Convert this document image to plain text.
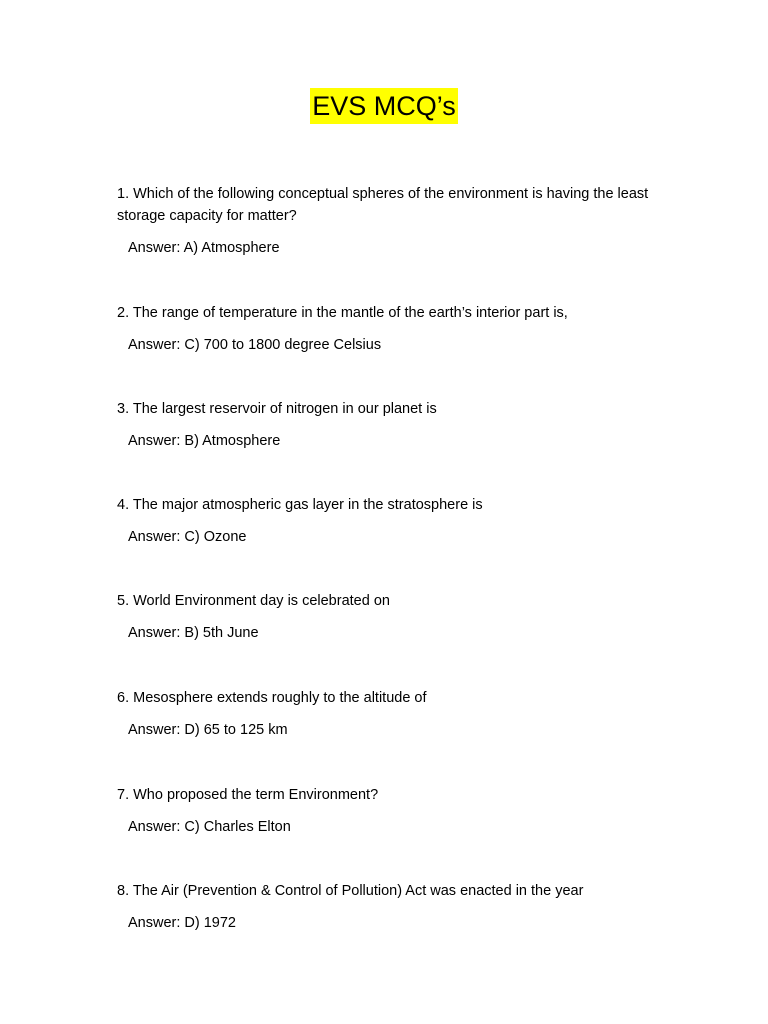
EVS MCQ’s
1. Which of the following conceptual spheres of the environment is having the least storage capacity for matter?
Answer: A) Atmosphere
2. The range of temperature in the mantle of the earth’s interior part is,
Answer: C) 700 to 1800 degree Celsius
3. The largest reservoir of nitrogen in our planet is
Answer: B) Atmosphere
4. The major atmospheric gas layer in the stratosphere is
Answer: C) Ozone
5. World Environment day is celebrated on
Answer: B) 5th June
6. Mesosphere extends roughly to the altitude of
Answer: D) 65 to 125 km
7. Who proposed the term Environment?
Answer: C) Charles Elton
8. The Air (Prevention & Control of Pollution) Act was enacted in the year
Answer: D) 1972
